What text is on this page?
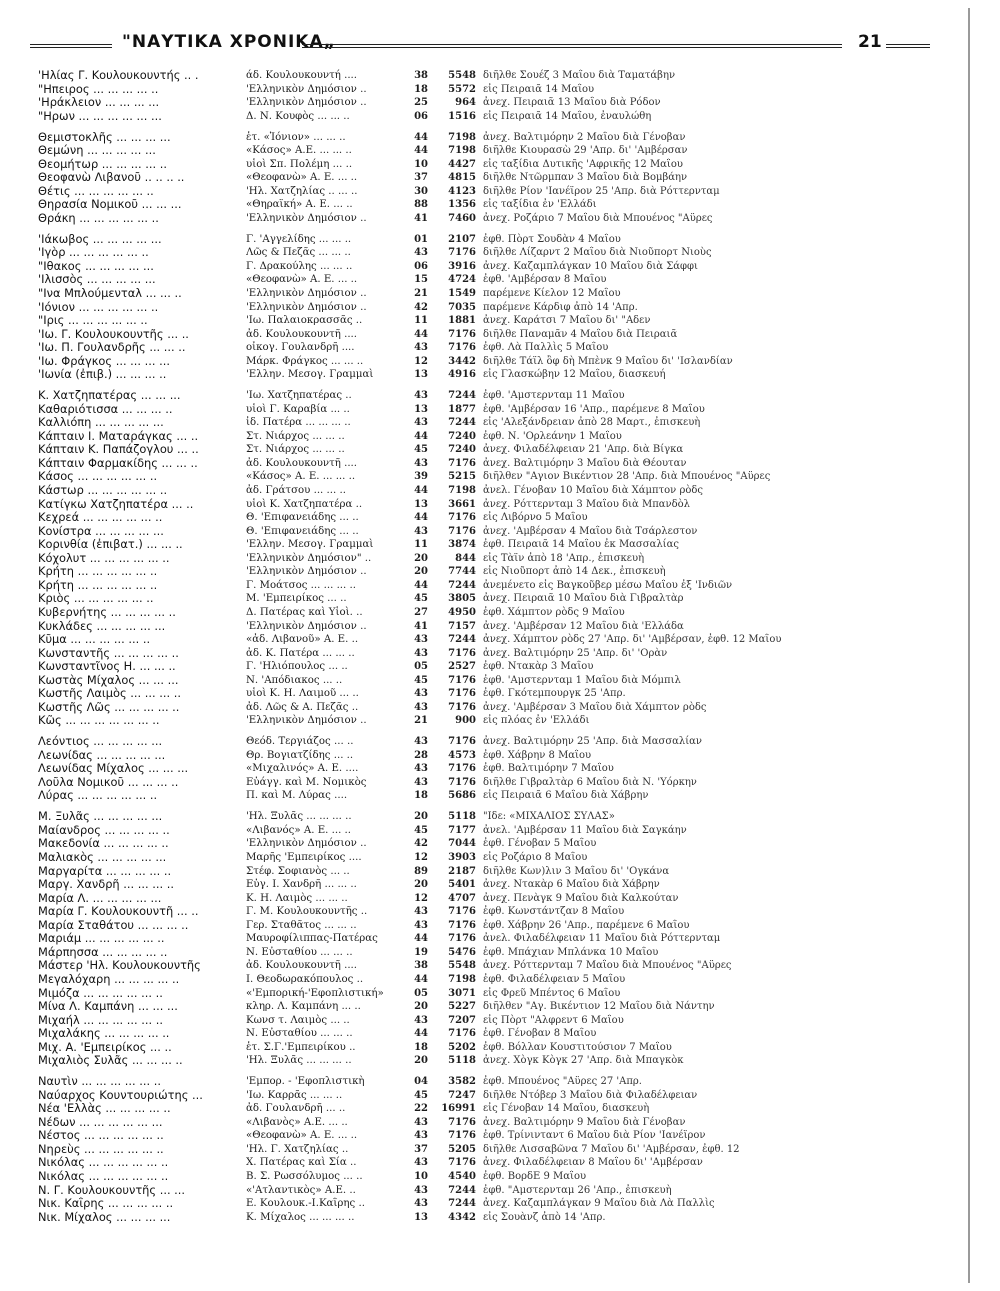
"ΝΑΥΤΙΚΑ ΧΡΟΝΙΚΑ„	21
'Ηλίας Γ. Κουλουκουντής .. .	άδ. Κουλουκουντή ....	38	5548 διῆλθε Σουέζ 3 Μαΐου διὰ Ταματάβην
"Ηπειρος ... ... ... ... ..	'Ελληνικὸν Δημόσιον ..	18	5572 εἰς Πειραιᾶ 14 Μαΐου
'Ηράκλειον ... ... ... ...	'Ελληνικὸν Δημόσιον ..	25	964 ἀνεχ. Πειραιᾶ 13 Μαΐου διὰ Ρόδον
"Ηρων ... ... ... ... ... ...	Δ. Ν. Κουφὸς ... ... ..	06	1516 εἰς Πειραιᾶ 14 Μαΐου, ἐναυλώθη
Θεμιστοκλῆς ... ... ... ...	ἑτ. «Ἰόνιον» ... ... ..	44	7198 ἀνεχ. Βαλτιμόρην 2 Μαΐου διὰ Γένοβαν
Θεμώνη ... ... ... ... ...	«Κάσος» Α.Ε. ... ... ..	44	7198 διῆλθε Κιουρασὼ 29 'Απρ. δι' 'Αμβέρσαν
Θεομήτωρ ... ... ... ... ..	υἱοὶ Σπ. Πολέμη ... ..	10	4427 εἰς ταξίδια Δυτικῆς 'Αφρικῆς 12 Μαΐου
Θεοφανὼ Λιβανοῦ .. .. .. ..	«Θεοφανὼ» Α. Ε. ... ..	37	4815 διῆλθε Ντῶρμπαν 3 Μαΐου διὰ Βομβάην
Θέτις ... ... ... ... ... ..	'Ηλ. Χατζηλίας .. ... ..	30	4123 διῆλθε Ρίον 'Ιανέϊρον 25 'Απρ. διὰ Ρόττερνταμ
Θηρασία Νομικοῦ ... ... ...	«Θηραϊκή» Α. Ε. ... ..	88	1356 εἰς ταξίδια ἐν 'Ελλάδι
Θράκη ... ... ... ... ... ..	'Ελληνικὸν Δημόσιον ..	41	7460 ἀνεχ. Ροζάριο 7 Μαΐου διὰ Μπουένος "Αϋρες
'Ιάκωβος ... ... ... ... ...	Γ. 'Αγγελίδης ... ... ..	01	2107 ἐφθ. Πὸρτ Σουδὰν 4 Μαΐου
'Ιγὸρ ... ... ... ... ... ..	Λῶς & Πεζᾶς ... ... ..	43	7176 διῆλθε Λίζαρντ 2 Μαΐου διὰ Νιοῦπορτ Νιοὺς
"Ιθακος ... ... ... ... ...	Γ. Δρακούλης ... ... ..	06	3916 ἀνεχ. Καζαμπλάγκαν 10 Μαΐου διὰ Σάφφι
'Ιλισσὸς ... ... ... ... ...	«Θεοφανὼ» Α. Ε. ... ..	15	4724 ἐφθ. 'Αμβέρσαν 8 Μαΐου
"Ινα Μπλούμενταλ ... ... ..	'Ελληνικὸν Δημόσιον ..	21	1549 παρέμενε Κίελον 12 Μαΐου
'Ιόνιον ... ... ... ... ... ..	'Ελληνικὸν Δημόσιον ..	42	7035 παρέμενε Κάρδιφ ἀπὸ 14 'Απρ.
"Ιρις ... ... ... ... ... ..	'Ιω. Παλαιοκρασσᾶς ..	11	1881 ἀνεχ. Καράτσι 7 Μαΐου δι' "Αδεν
'Ιω. Γ. Κουλουκουντῆς ... ..	ἀδ. Κουλουκουντῆ ....	44	7176 διῆλθε Παναμᾶν 4 Μαΐου διὰ Πειραιᾶ
'Ιω. Π. Γουλανδρῆς ... ... ..	οἶκογ. Γουλανδρῆ ....	43	7176 ἐφθ. Λὰ Παλλὶς 5 Μαΐου
'Ιω. Φράγκος ... ... ... ...	Μάρκ. Φράγκος ... ... ..	12	3442 διῆλθε Τάϊλ ὂφ δὴ Μπὲνκ 9 Μαΐου δι' 'Ισλανδίαν
'Ιωνία (ἐπιβ.) ... ... ... ..	'Ελλην. Μεσογ. Γραμμαὶ	13	4916 εἰς Γλασκώβην 12 Μαΐου, διασκευή
Κ. Χατζηπατέρας ... ... ...	'Ιω. Χατζηπατέρας ..	43	7244 ἐφθ. 'Αμστερνταμ 11 Μαΐου
Καθαριότισσα ... ... ... ..	υἱοὶ Γ. Καραβία ... ..	13	1877 ἐφθ. 'Αμβέρσαν 16 'Απρ., παρέμενε 8 Μαΐου
Καλλιόπη ... ... ... ... ...	ἰδ. Πατέρα ... ... ... ..	43	7244 εἰς 'Αλεξάνδρειαν ἀπὸ 28 Μαρτ., ἐπισκευὴ
Κάπταιν Ι. Ματαράγκας ... ..	Στ. Νιάρχος ... ... ..	44	7240 ἐφθ. Ν. 'Ορλεάνην 1 Μαΐου
Κάπταιν Κ. Παπάζογλου ... ..	Στ. Νιάρχος ... ... ..	45	7240 ἀνεχ. Φιλαδέλφειαν 21 'Απρ. διὰ Βίγκα
Κάπταιν Φαρμακίδης ... ... ..	ἀδ. Κουλουκουντῆ ....	43	7176 ἀνεχ. Βαλτιμόρην 3 Μαΐου διὰ Θέουταν
Κάσος ... ... ... ... ... ..	«Κάσος» Α. Ε. ... ... ..	39	5215 διῆλθεν "Αγιον Βικέντιον 28 'Απρ. διὰ Μπουένος "Αϋρες
Κάστωρ ... ... ... ... ... ..	ἀδ. Γράτσου ... ... ..	44	7198 ἀνελ. Γένοβαν 10 Μαΐου διὰ Χάμπτον ρὸδς
Κατίγκω Χατζηπατέρα ... ..	υἱοὶ Κ. Χατζηπατέρα ..	13	3661 ἀνεχ. Ρόττερνταμ 3 Μαΐου διὰ Μπανδὸλ
Κεχρεά ... ... ... ... ... ..	Θ. 'Επιφανειάδης ... ..	44	7176 εἰς Λιβόρνο 5 Μαΐου
Κονίστρα ... ... ... ... ...	Θ. 'Επιφανειάδης ... ..	43	7176 ἀνεχ. 'Αμβέρσαν 4 Μαΐου διὰ Τσάρλεστον
Κορινθία (ἐπιβατ.) ... ... ..	'Ελλην. Μεσογ. Γραμμαὶ	11	3874 ἐφθ. Πειραιᾶ 14 Μαΐου ἐκ Μασσαλίας
Κόχολυτ ... ... ... ... ... ..	'Ελληνικὸν Δημόσιον" ..	20	844 εἰς Τὰϊν ἀπὸ 18 'Απρ., ἐπισκευὴ
Κρήτη ... ... ... ... ... ..	'Ελληνικὸν Δημόσιον ..	20	7744 εἰς Νιοῦπορτ ἀπὸ 14 Δεκ., ἐπισκευὴ
Κρήτη ... ... ... ... ... ..	Γ. Μοάτσος ... ... ... ..	44	7244 ἀνεμένετο εἰς Βαγκοῦβερ μέσω Μαΐου ἐξ 'Ινδιῶν
Κριὸς ... ... ... ... ... ..	Μ. 'Εμπειρίκος ... ..	45	3805 ἀνεχ. Πειραιᾶ 10 Μαΐου διὰ Γιβραλτὰρ
Κυβερνήτης ... ... ... ... ..	Δ. Πατέρας καὶ Υἱοὶ. ..	27	4950 ἐφθ. Χάμπτον ρὸδς 9 Μαΐου
Κυκλάδες ... ... ... ... ...	'Ελληνικὸν Δημόσιον ..	41	7157 ἀνεχ. 'Αμβέρσαν 12 Μαΐου διὰ 'Ελλάδα
Κῦμα ... ... ... ... ... ..	«ἀδ. Λιβανοῦ» Α. Ε. ..	43	7244 ἀνεχ. Χάμπτον ρὸδς 27 'Απρ. δι' 'Αμβέρσαν, ἐφθ. 12 Μαΐου
Κωνσταντῆς ... ... ... ... ..	ἀδ. Κ. Πατέρα ... ... ..	43	7176 ἀνεχ. Βαλτιμόρην 25 'Απρ. δι' 'Ορὰν
Κωνσταντῖνος Η. ... ... ..	Γ. 'Ηλιόπουλος ... ..	05	2527 ἐφθ. Ντακὰρ 3 Μαΐου
Κωστὰς Μίχαλος ... ... ...	Ν. 'Απόδιακος ... ..	45	7176 ἐφθ. 'Αμστερνταμ 1 Μαΐου διὰ Μόμπιλ
Κωστῆς Λαιμὸς ... ... ... ..	υἱοὶ Κ. Η. Λαιμοῦ ... ..	43	7176 ἐφθ. Γκότεμπουργκ 25 'Απρ.
Κωστῆς Λῶς ... ... ... ... ..	ἀδ. Λῶς & Α. Πεζᾶς ..	43	7176 ἀνεχ. 'Αμβέρσαν 3 Μαΐου διὰ Χάμπτον ρὸδς
Κῶς ... ... ... ... ... ... ..	'Ελληνικὸν Δημόσιον ..	21	900 εἰς πλόας ἐν 'Ελλάδι
Λεόντιος ... ... ... ... ...	Θεόδ. Τεργιάζος ... ..	43	7176 ἀνεχ. Βαλτιμόρην 25 'Απρ. διὰ Μασσαλίαν
Λεωνίδας ... ... ... ... ...	Θρ. Βογιατζίδης ... ..	28	4573 ἐφθ. Χάβρην 8 Μαΐου
Λεωνίδας Μίχαλος ... ... ...	«Μιχαλινός» Α. Ε. ....	43	7176 ἐφθ. Βαλτιμόρην 7 Μαΐου
Λοῦλα Νομικοῦ ... ... ... ..	Εὐάγγ. καὶ Μ. Νομικὸς	43	7176 διῆλθε Γιβραλτὰρ 6 Μαΐου διὰ Ν. 'Υόρκην
Λύρας ... ... ... ... ... ..	Π. καὶ Μ. Λύρας ....	18	5686 εἰς Πειραιᾶ 6 Μαΐου διὰ Χάβρην
Μ. Ξυλᾶς ... ... ... ... ...	'Ηλ. Ξυλᾶς ... ... ... ..	20	5118 "Ιδε: «ΜΙΧΑΛΙΟΣ ΣΥΛΑΣ»
Μαίανδρος ... ... ... ... ..	«Λιβανός» Α. Ε. ... ..	45	7177 ἀνελ. 'Αμβέρσαν 11 Μαΐου διὰ Σαγκάην
Μακεδονία ... ... ... ... ..	'Ελληνικὸν Δημόσιον ..	42	7044 ἐφθ. Γένοβαν 5 Μαΐου
Μαλιακὸς ... ... ... ... ...	Μαρῆς 'Εμπειρίκος ....	12	3903 εἰς Ροζάριο 8 Μαΐου
Μαργαρίτα ... ... ... ... ..	Στέφ. Σοφιανὸς ... ..	89	2187 διῆλθε Κων)λιν 3 Μαΐου δι' 'Ογκάνα
Μαργ. Χανδρῆ ... ... ... ..	Εὐγ. Ι. Χανδρῆ ... ... ..	20	5401 ἀνεχ. Ντακὰρ 6 Μαΐου διὰ Χάβρην
Μαρία Λ. ... ... ... ... ...	Κ. Η. Λαιμὸς ... ... ..	12	4707 ἀνεχ. Πενὰγκ 9 Μαΐου διὰ Καλκούταν
Μαρία Γ. Κουλουκουντῆ ... ..	Γ. Μ. Κουλουκουντῆς ..	43	7176 ἐφθ. Κωνστάντζαν 8 Μαΐου
Μαρία Σταθάτου ... ... ... ..	Γερ. Σταθᾶτος ... ... ..	43	7176 ἐφθ. Χάβρην 26 'Απρ., παρέμενε 6 Μαΐου
Μαριάμ ... ... ... ... ... ..	Μαυροφίλιππας-Πατέρας	44	7176 ἀνελ. Φιλαδέλφειαν 11 Μαΐου διὰ Ρόττερνταμ
Μάρπησσα ... ... ... ... ..	Ν. Εὐσταθίου ... ... ..	19	5476 ἐφθ. Μπάχιαν Μπλάνκα 10 Μαΐου
Μάστερ 'Ηλ. Κουλουκουντῆς	ἀδ. Κουλουκουντῆ ....	38	5548 ἀνεχ. Ρόττερνταμ 7 Μαΐου διὰ Μπουένος "Αϋρες
Μεγαλόχαρη ... ... ... ... ..	Ι. Θεοδωρακόπουλος ..	44	7198 ἐφθ. Φιλαδέλφειαν 5 Μαΐου
Μιμόζα ... ... ... ... ... ..	«'Εμπορική-'Εφοπλιστική»	05	3071 εἰς Φρεῦ Μπέντος 6 Μαΐου
Μίνα Λ. Καμπάνη ... ... ...	κληρ. Λ. Καμπάνη ... ..	20	5227 διῆλθεν "Αγ. Βικέντιον 12 Μαΐου διὰ Νάντην
Μιχαήλ ... ... ... ... ... ..	Κωνσ τ. Λαιμὸς ... ..	43	7207 εἰς Πὸρτ "Αλφρεντ 6 Μαΐου
Μιχαλάκης ... ... ... ... ..	Ν. Εὐσταθίου ... ... ..	44	7176 ἐφθ. Γένοβαν 8 Μαΐου
Μιχ. Α. 'Εμπειρίκος ... ..	ἑτ. Σ.Γ.'Εμπειρίκου ..	18	5202 ἐφθ. Βόλλαν Κουστιτούσιον 7 Μαΐου
Μιχαλιὸς Συλᾶς ... ... ... ..	'Ηλ. Ξυλᾶς ... ... ... ..	20	5118 ἀνεχ. Χὸγκ Κὸγκ 27 'Απρ. διὰ Μπαγκὸκ
Ναυτὶν ... ... ... ... ... ..	'Εμπορ. - 'Εφοπλιστικὴ	04	3582 ἐφθ. Μπουένος "Αϋρες 27 'Απρ.
Ναύαρχος Κουντουριώτης ...	'Ιω. Καρρᾶς ... ... ..	45	7247 διῆλθε Ντόβερ 3 Μαΐου διὰ Φιλαδέλφειαν
Νέα 'Ελλὰς ... ... ... ... ..	ἀδ. Γουλανδρῆ ... ..	22 16991 εἰς Γένοβαν 14 Μαΐου, διασκευὴ
Νέδων ... ... ... ... ... ...	«Λιβανὸς» Α.Ε. ... ..	43	7176 ἀνεχ. Βαλτιμόρην 9 Μαΐου διὰ Γένοβαν
Νέστος ... ... ... ... ... ..	«Θεοφανὼ» Α. Ε. ... ..	43	7176 ἐφθ. Τρίνινταντ 6 Μαΐου διὰ Ρίον 'Ιανέϊρον
Νηρεὺς ... ... ... ... ... ..	'Ηλ. Γ. Χατζηλίας ..	37	5205 διῆλθε Λισσαβῶνα 7 Μαΐου δι' 'Αμβέρσαν, ἐφθ. 12
Νικόλας ... ... ... ... ... ..	Χ. Πατέρας καὶ Σία ..	43	7176 ἀνεχ. Φιλαδέλφειαν 8 Μαΐου δι' 'Αμβέρσαν
Νικόλας ... ... ... ... ... ..	Β. Σ. Ρωσσόλυμος ... ..	10	4540 ἐφθ. ΒορδΕ 9 Μαΐου
Ν. Γ. Κουλουκουντῆς ... ...	«'Ατλαντικὸς» Α.Ε. ..	43	7244 ἐφθ. "Αμστερνταμ 26 'Απρ., ἐπισκευὴ
Νικ. Καΐρης ... ... ... ... ..	Ε. Κουλουκ.-Ι.Καΐρης ..	43	7244 ἀνεχ. Καζαμπλάγκαν 9 Μαΐου διὰ Λὰ Παλλὶς
Νικ. Μίχαλος ... ... ... ...	Κ. Μίχαλος ... ... ... ..	13	4342 εἰς Σουὰνζ ἀπὸ 14 'Απρ.
